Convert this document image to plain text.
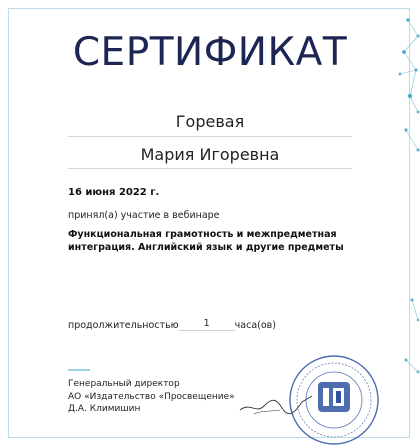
СЕРТИФИКАТ
Горевая
Мария Игоревна
16 июня 2022 г.
принял(а) участие в вебинаре
Функциональная грамотность и межпредметная
интеграция. Английский язык и другие предметы
продолжительностью	1	часа(ов)
Генеральный директор
АО «Издательство «Просвещение»
Д.А. Климишин
